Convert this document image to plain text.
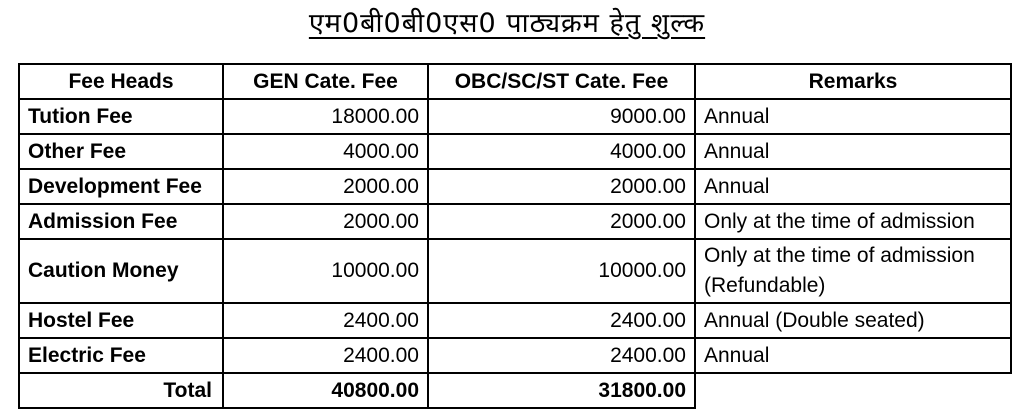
एम0बी0बी0एस0 पाठ्यक्रम हेतु शुल्क
Fee Heads	GEN Cate. Fee	OBC/SC/ST Cate. Fee	Remarks
Tution Fee	18000.00	9000.00	Annual
Other Fee	4000.00	4000.00	Annual
Development Fee	2000.00	2000.00	Annual
Admission Fee	2000.00	2000.00	Only at the time of admission
Caution Money	10000.00	10000.00	Only at the time of admission
(Refundable)
Hostel Fee	2400.00	2400.00	Annual (Double seated)
Electric Fee	2400.00	2400.00	Annual
Total	40800.00	31800.00	
